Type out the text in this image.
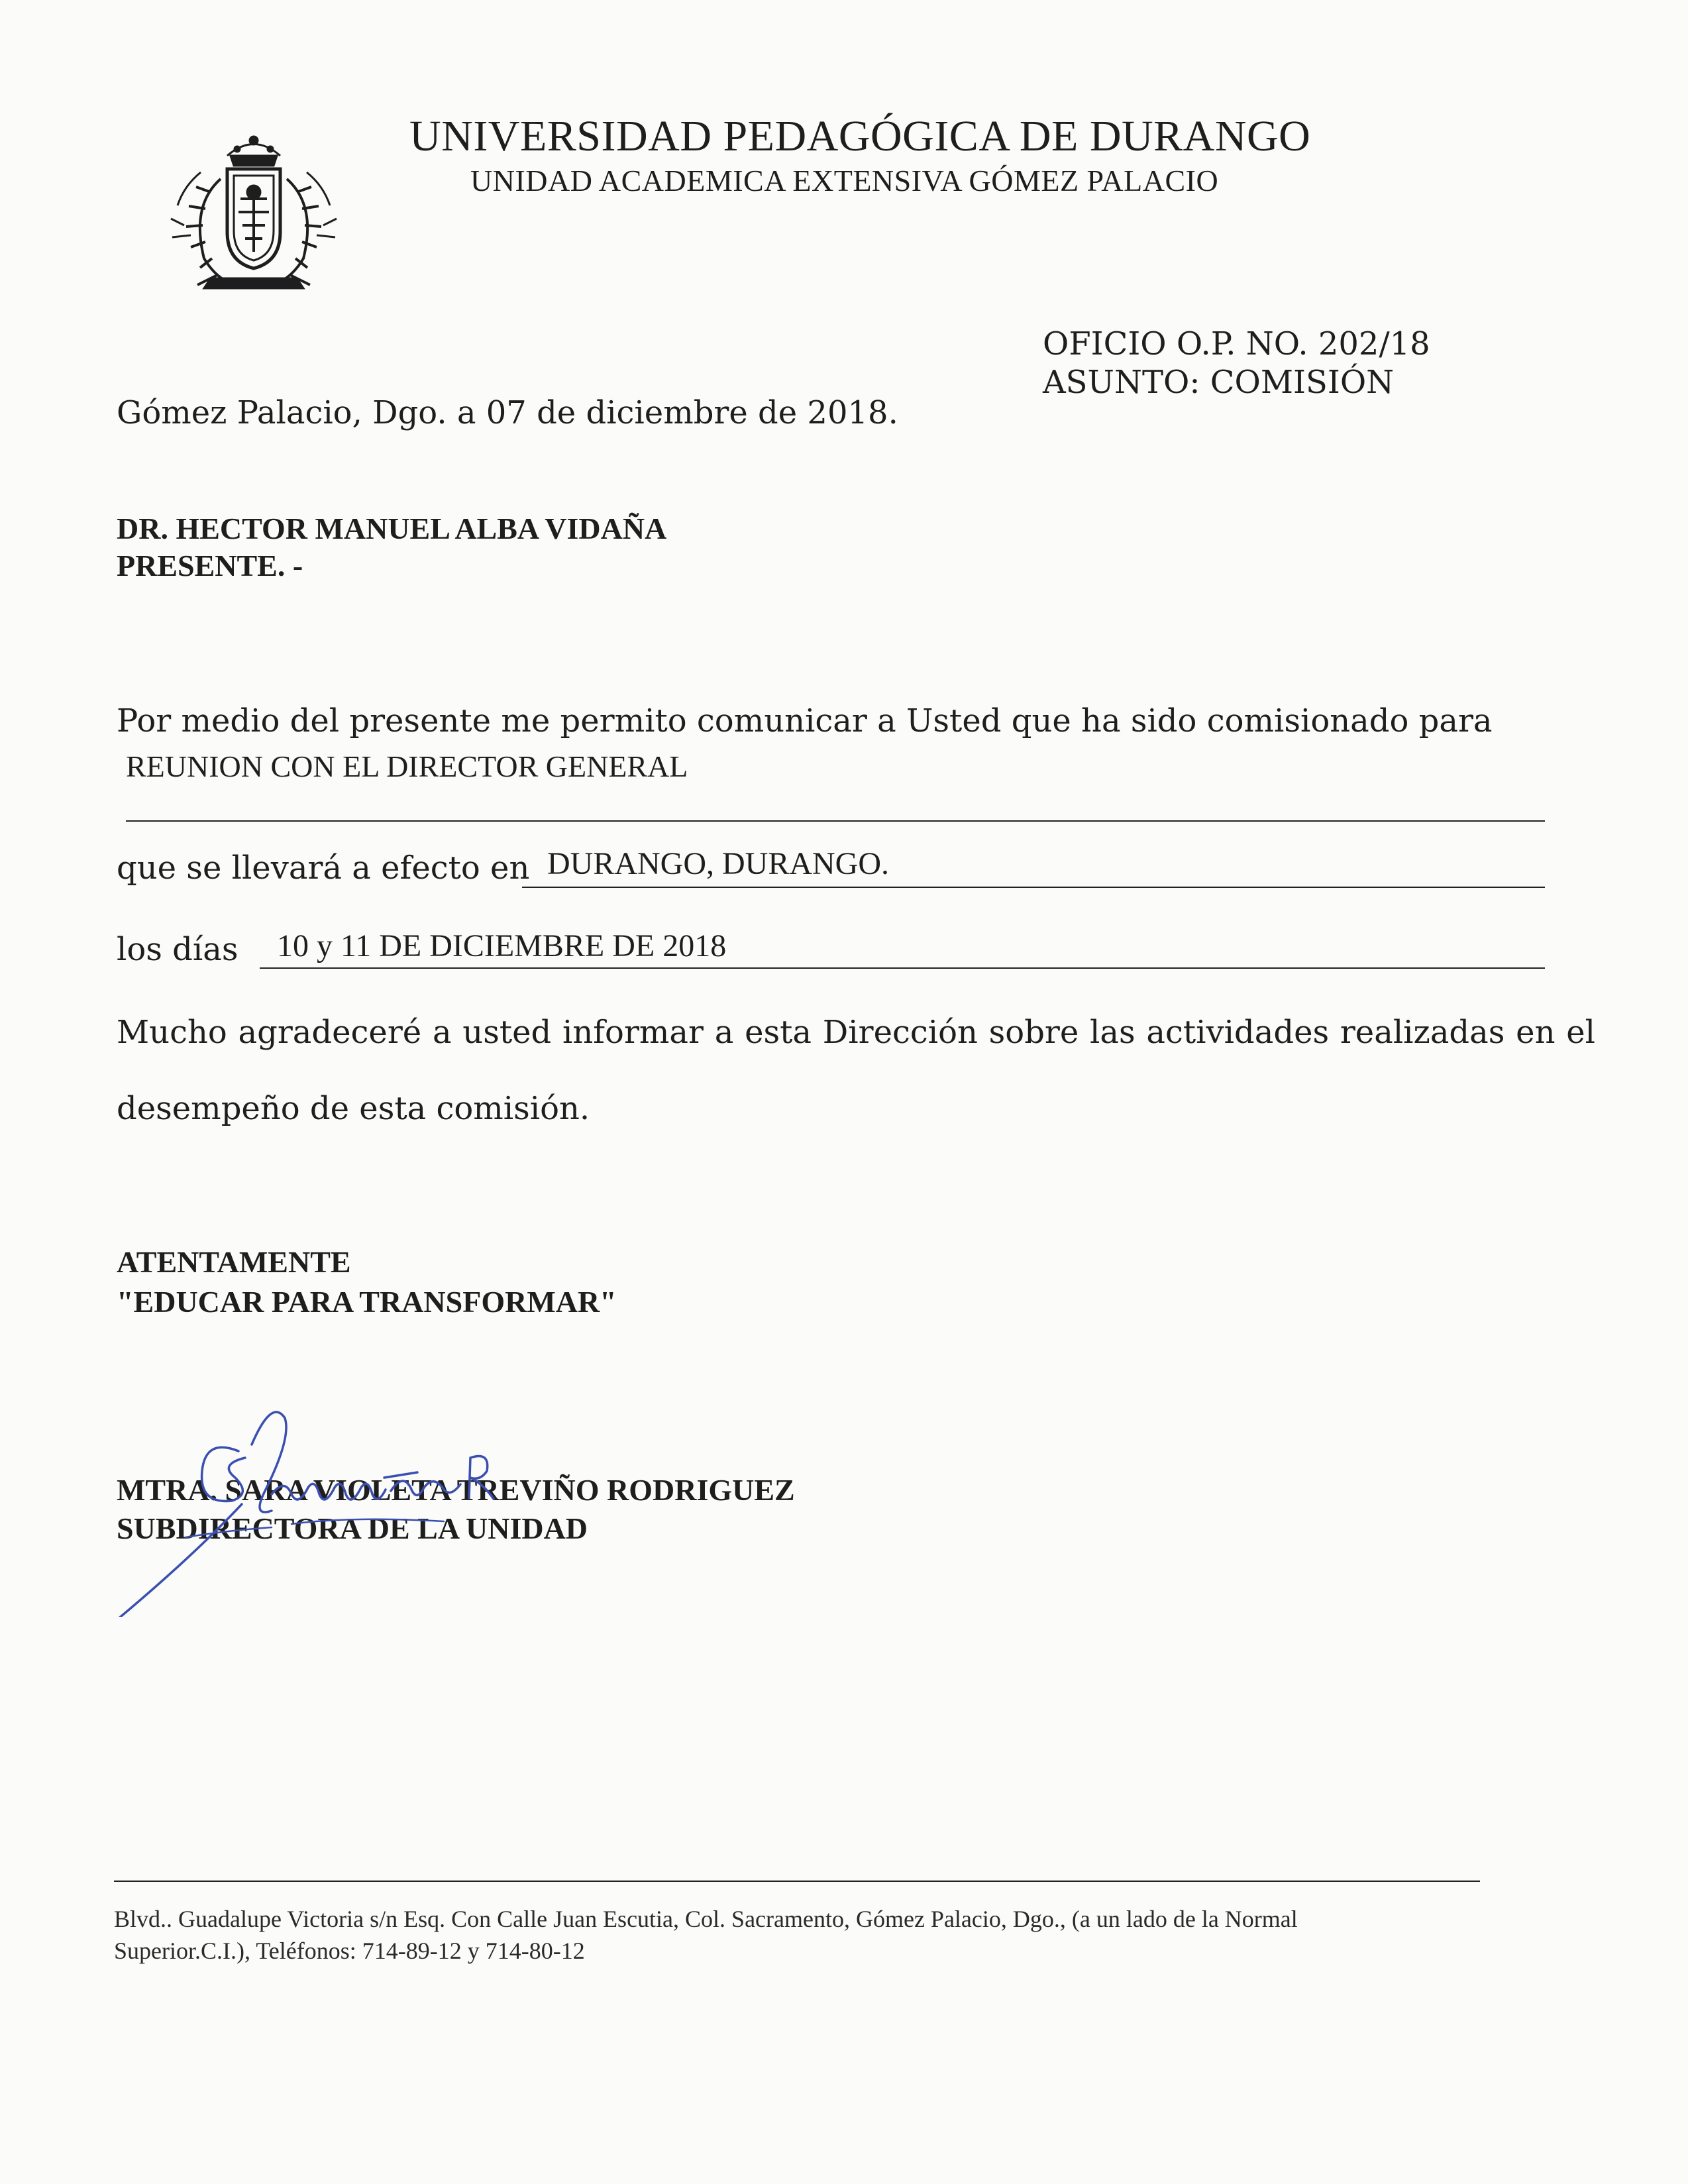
UNIVERSIDAD PEDAGÓGICA DE DURANGO
UNIDAD ACADEMICA EXTENSIVA GÓMEZ PALACIO
OFICIO O.P. NO. 202/18
ASUNTO: COMISIÓN
Gómez Palacio, Dgo. a 07 de diciembre de 2018.
DR. HECTOR MANUEL ALBA VIDAÑA
PRESENTE. -
Por medio del presente me permito comunicar a Usted que ha sido comisionado para
REUNION CON EL DIRECTOR GENERAL
que se llevará a efecto en DURANGO, DURANGO.
los días 10 y 11 DE DICIEMBRE DE 2018
Mucho agradeceré a usted informar a esta Dirección sobre las actividades realizadas en el
desempeño de esta comisión.
ATENTAMENTE
"EDUCAR PARA TRANSFORMAR"
MTRA. SARA VIOLETA TREVIÑO RODRIGUEZ
SUBDIRECTORA DE LA UNIDAD
Blvd.. Guadalupe Victoria s/n Esq. Con Calle Juan Escutia, Col. Sacramento, Gómez Palacio, Dgo., (a un lado de la Normal
Superior.C.I.), Teléfonos: 714-89-12 y 714-80-12
